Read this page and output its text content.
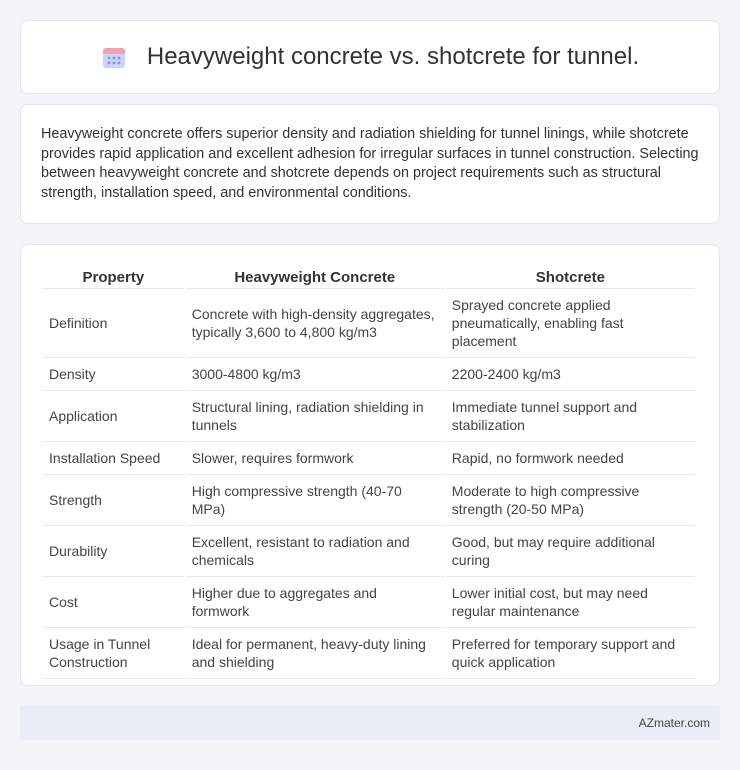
Heavyweight concrete vs. shotcrete for tunnel.

Heavyweight concrete offers superior density and radiation shielding for tunnel linings, while shotcrete provides rapid application and excellent adhesion for irregular surfaces in tunnel construction. Selecting between heavyweight concrete and shotcrete depends on project requirements such as structural strength, installation speed, and environmental conditions.

Property	Heavyweight Concrete	Shotcrete
Definition	Concrete with high-density aggregates, typically 3,600 to 4,800 kg/m3	Sprayed concrete applied pneumatically, enabling fast placement
Density	3000-4800 kg/m3	2200-2400 kg/m3
Application	Structural lining, radiation shielding in tunnels	Immediate tunnel support and stabilization
Installation Speed	Slower, requires formwork	Rapid, no formwork needed
Strength	High compressive strength (40-70 MPa)	Moderate to high compressive strength (20-50 MPa)
Durability	Excellent, resistant to radiation and chemicals	Good, but may require additional curing
Cost	Higher due to aggregates and formwork	Lower initial cost, but may need regular maintenance
Usage in Tunnel Construction	Ideal for permanent, heavy-duty lining and shielding	Preferred for temporary support and quick application
AZmater.com
